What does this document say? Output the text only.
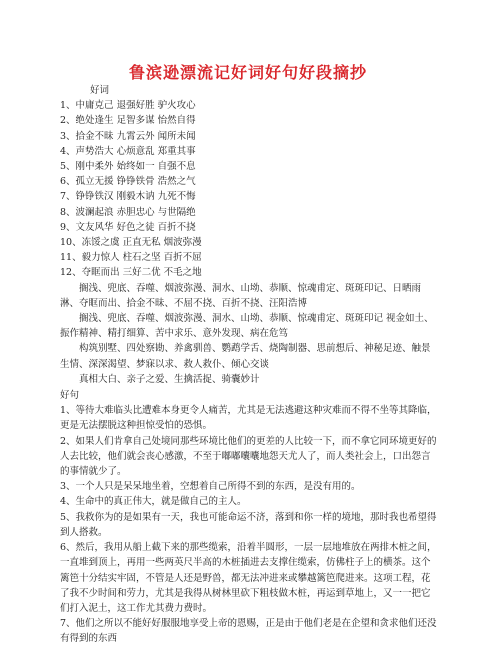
鲁滨逊漂流记好词好句好段摘抄
好词
1、中庸克己 退强好胜 驴火攻心
2、绝处逢生 足智多谋 怡然自得
3、拾金不昧 九霄云外 闻所未闻
4、声势浩大 心烦意乱 郑重其事
5、刚中柔外 始终如一 自强不息
6、孤立无援 铮铮铁骨 浩然之气
7、铮铮铁汉 刚毅木讷 九死不悔
8、波澜起浪 赤胆忠心 与世隔绝
9、文友风华 好色之徒 百折不挠
10、冻馁之虞 正直无私 烟波弥漫
11、毅力惊人 柱石之坚 百折不屈
12、夺眶而出 三好二优 不毛之地
搁浅、兜底、吞噬、烟波弥漫、洞水、山坳、恭顺、惊魂甫定、斑斑印记、日晒雨淋、夺眶而出、拾金不昧、不屈不挠、百折不挠、汪阳浩博
搁浅、兜底、吞噬、烟波弥漫、洞水、山坳、恭顺、惊魂甫定、斑斑印记 视金如土、振作精神、精打细算、苦中求乐、意外发现、病在危笃
构筑别墅、四处察勘、养禽驯兽、鹦鹉学舌、烧陶制器、思前想后、神秘足迹、触景生情、深深渴望、梦寐以求、救人救仆、倾心交谈
真相大白、亲子之爱、生擒活捉、骑囊妙计
好句
1、等待大难临头比遭难本身更令人痛苦，尤其是无法逃避这种灾难而不得不坐等其降临，更是无法摆脱这种担惊受怕的恐惧。
2、如果人们肯拿自己处境同那些环境比他们的更差的人比较一下，而不拿它同环境更好的人去比较，他们就会丧心感激，不至于嘟嘟囔囔地怨天尤人了，而人类社会上，口出怨言的事情就少了。
3、一个人只是呆呆地坐着，空想着自己所得不到的东西，是没有用的。
4、生命中的真正伟大，就是做自己的主人。
5、我救你为的是如果有一天，我也可能命运不济，落到和你一样的境地，那时我也希望得到人搭救。
6、然后，我用从船上截下来的那些缆索，沿着半圆形，一层一层地堆放在两排木桩之间，一直堆到顶上，再用一些两英尺半高的木桩插进去支撑住缆索，仿佛柱子上的横茶。这个篱笆十分结实牢固，不管是人还是野兽，都无法冲进来或攀越篱笆爬进来。这项工程，花了我不少时间和劳力，尤其是我得从树林里砍下粗枝做木桩，再运到草地上，又一一把它们打入泥土，这工作尤其费力费时。
7、他们之所以不能好好服服地享受上帝的恩赐，正是由于他们老是在企望和贪求他们还没有得到的东西
